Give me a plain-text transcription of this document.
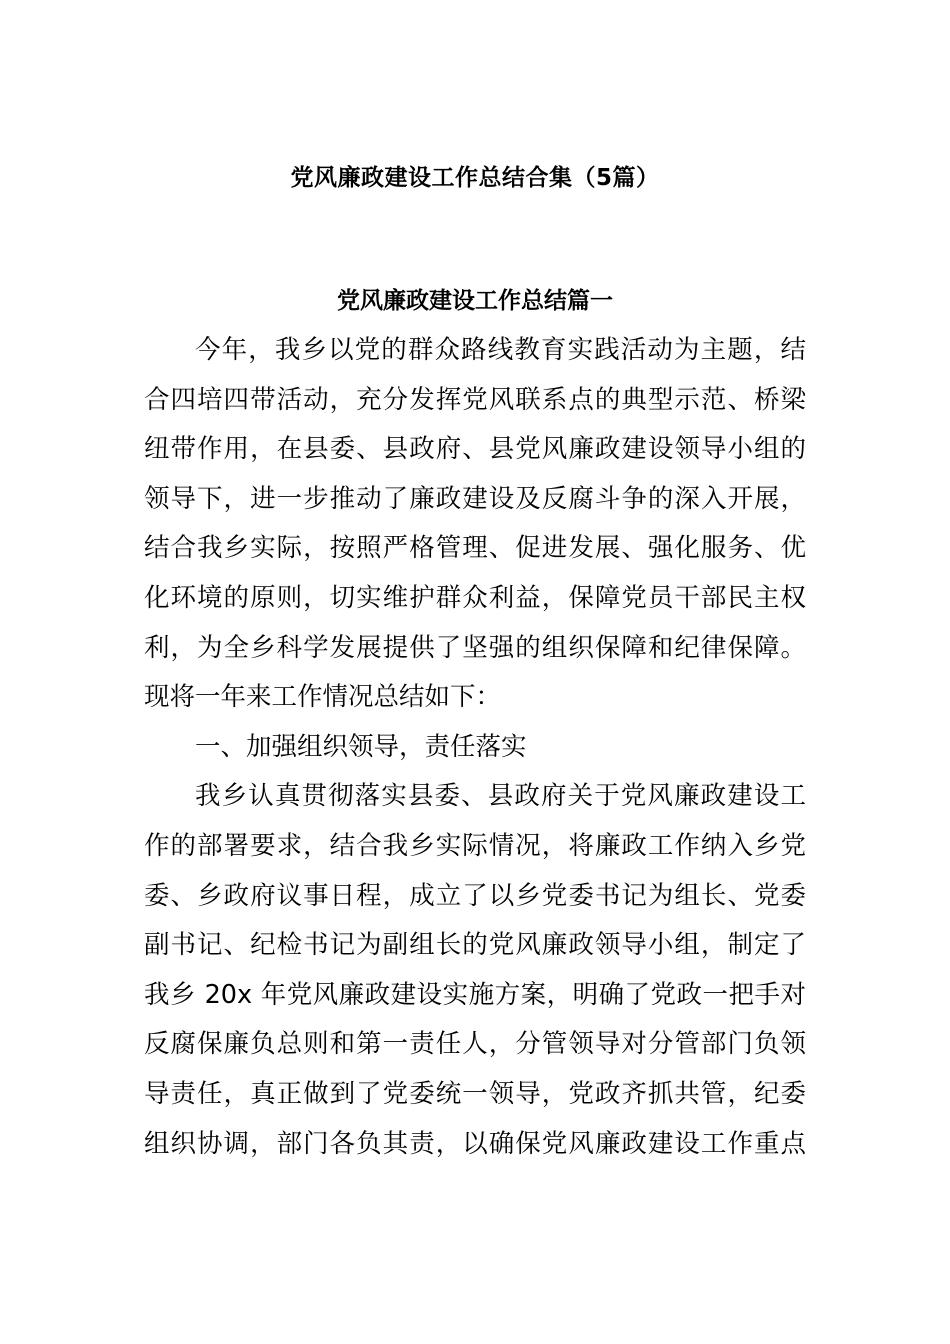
党风廉政建设工作总结合集（5篇）
党风廉政建设工作总结篇一
今年，我乡以党的群众路线教育实践活动为主题，结
合四培四带活动，充分发挥党风联系点的典型示范、桥梁
纽带作用，在县委、县政府、县党风廉政建设领导小组的
领导下，进一步推动了廉政建设及反腐斗争的深入开展，
结合我乡实际，按照严格管理、促进发展、强化服务、优
化环境的原则，切实维护群众利益，保障党员干部民主权
利，为全乡科学发展提供了坚强的组织保障和纪律保障。
现将一年来工作情况总结如下：
一、加强组织领导，责任落实
我乡认真贯彻落实县委、县政府关于党风廉政建设工
作的部署要求，结合我乡实际情况，将廉政工作纳入乡党
委、乡政府议事日程，成立了以乡党委书记为组长、党委
副书记、纪检书记为副组长的党风廉政领导小组，制定了
我乡 20x 年党风廉政建设实施方案，明确了党政一把手对
反腐保廉负总则和第一责任人，分管领导对分管部门负领
导责任，真正做到了党委统一领导，党政齐抓共管，纪委
组织协调，部门各负其责，以确保党风廉政建设工作重点
